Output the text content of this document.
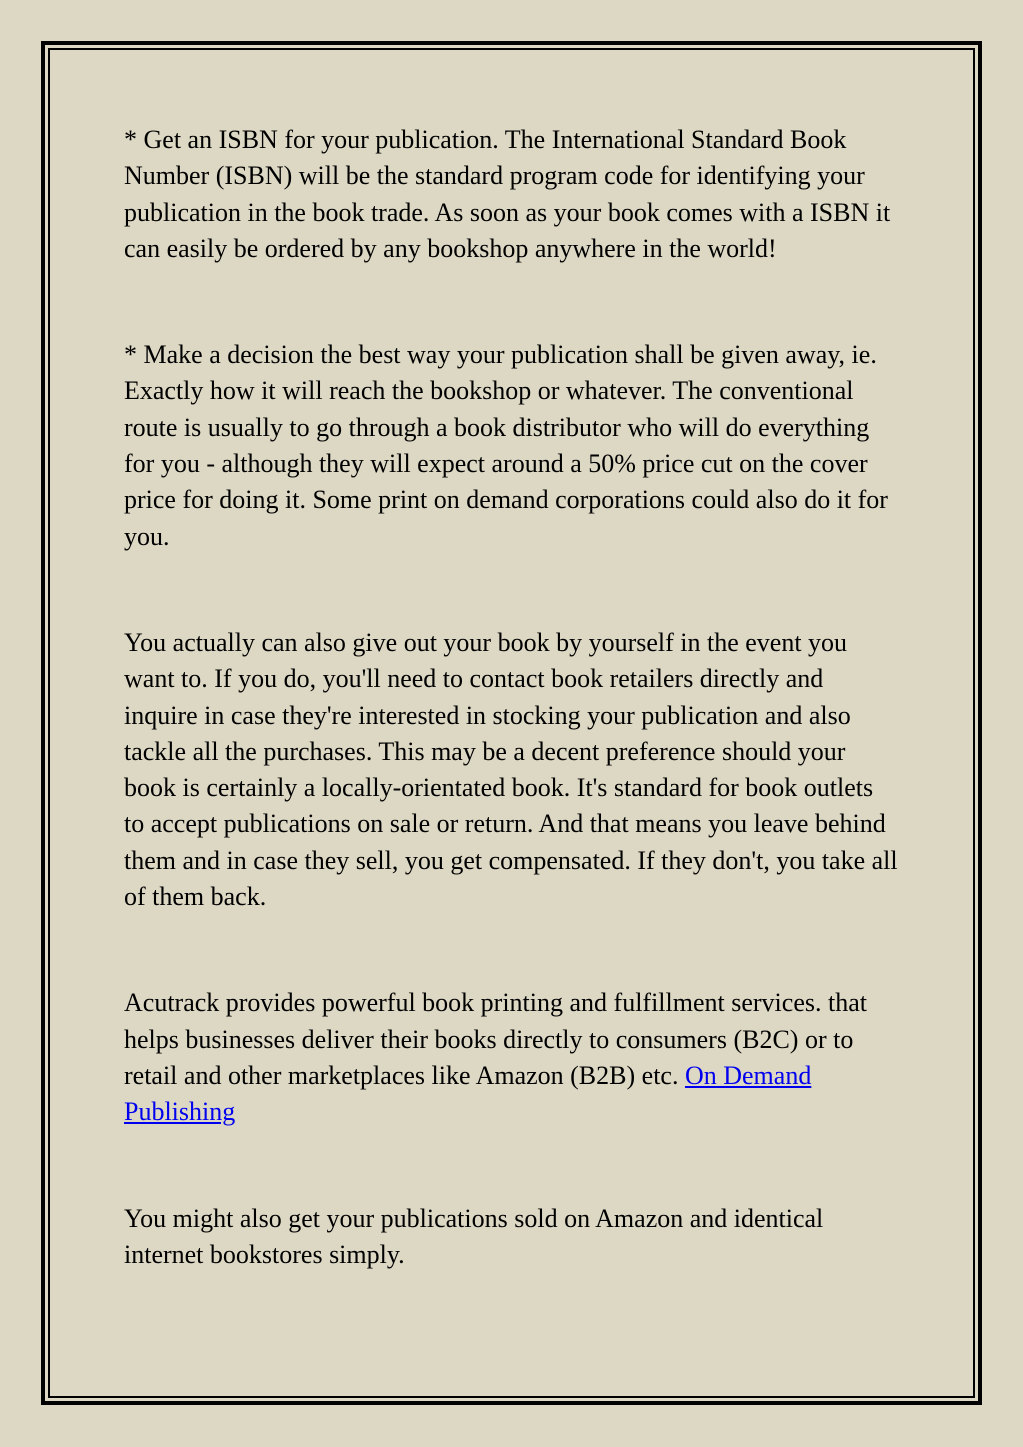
* Get an ISBN for your publication. The International Standard Book Number (ISBN) will be the standard program code for identifying your publication in the book trade. As soon as your book comes with a ISBN it can easily be ordered by any bookshop anywhere in the world!

* Make a decision the best way your publication shall be given away, ie. Exactly how it will reach the bookshop or whatever. The conventional route is usually to go through a book distributor who will do everything for you - although they will expect around a 50% price cut on the cover price for doing it. Some print on demand corporations could also do it for you.

You actually can also give out your book by yourself in the event you want to. If you do, you'll need to contact book retailers directly and inquire in case they're interested in stocking your publication and also tackle all the purchases. This may be a decent preference should your book is certainly a locally-orientated book. It's standard for book outlets to accept publications on sale or return. And that means you leave behind them and in case they sell, you get compensated. If they don't, you take all of them back.

Acutrack provides powerful book printing and fulfillment services. that helps businesses deliver their books directly to consumers (B2C) or to retail and other marketplaces like Amazon (B2B) etc. On Demand Publishing

You might also get your publications sold on Amazon and identical internet bookstores simply.
